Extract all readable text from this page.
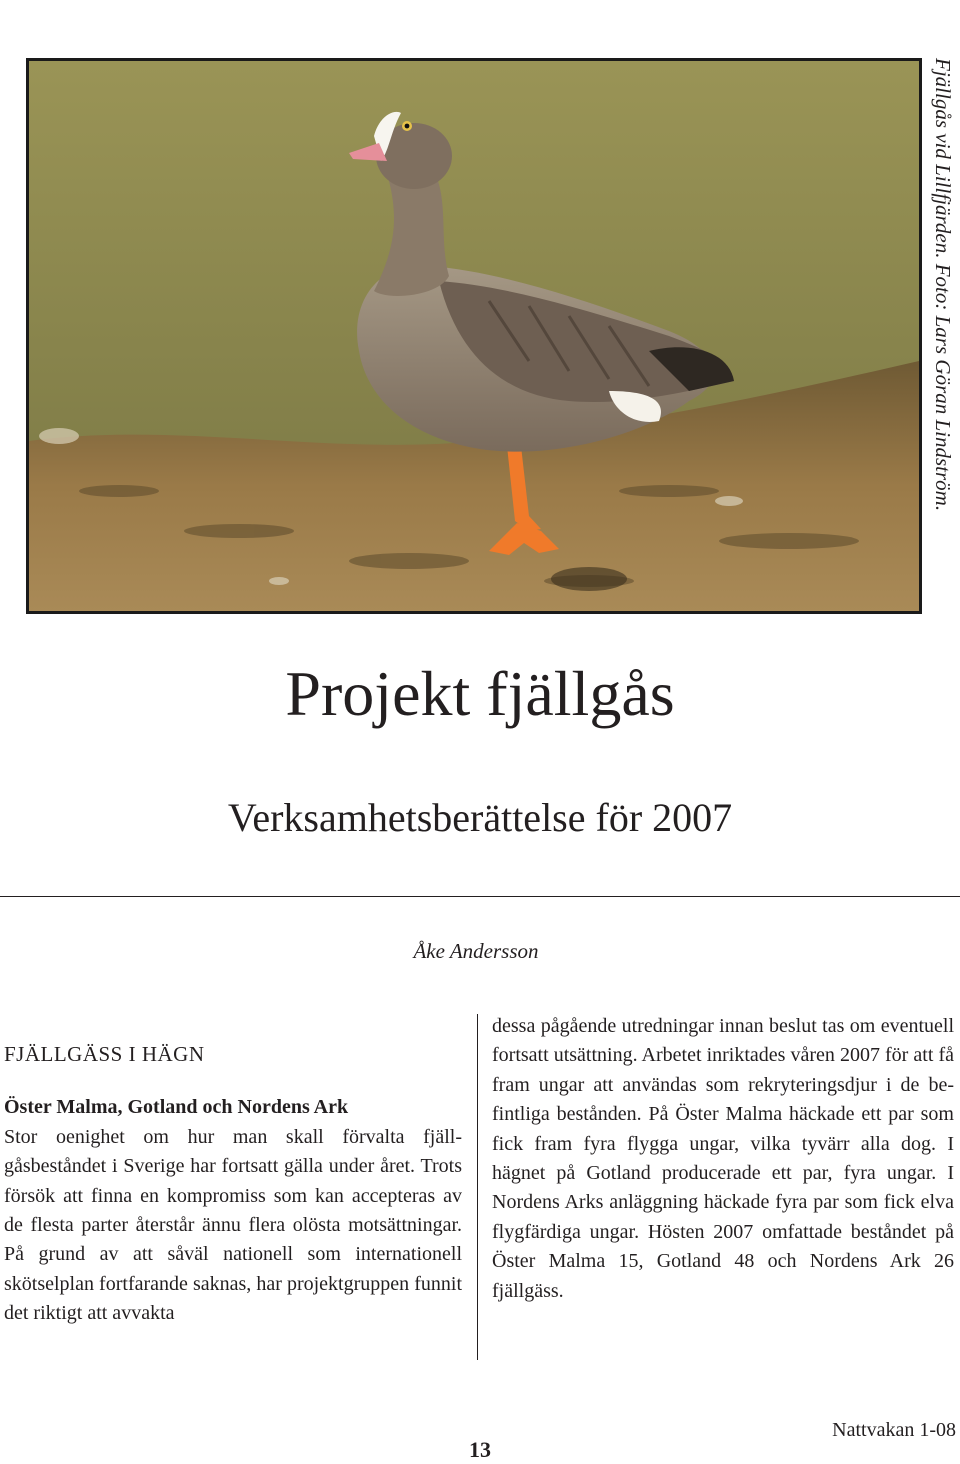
Fjällgås vid Lillfjärden. Foto: Lars Göran Lindström.
Projekt fjällgås
Verksamhetsberättelse för 2007
Åke Andersson
FJÄLLGÄSS I HÄGN

Öster Malma, Gotland och Nordens Ark
Stor oenighet om hur man skall förvalta fjällgåsbeståndet i Sverige har fortsatt gälla under året. Trots försök att finna en kompromiss som kan accepteras av de flesta parter återstår ännu flera olösta motsättningar. På grund av att såväl nationell som internationell skötselplan fortfarande saknas, har projektgruppen funnit det riktigt att avvakta

dessa pågående utredningar innan beslut tas om eventuell fortsatt utsättning. Arbetet inriktades våren 2007 för att få fram ungar att användas som rekryteringsdjur i de befintliga bestånden. På Öster Malma häckade ett par som fick fram fyra flygga ungar, vilka tyvärr alla dog. I hägnet på Gotland producerade ett par, fyra ungar. I Nordens Arks anläggning häckade fyra par som fick elva flygfärdiga ungar. Hösten 2007 omfattade beståndet på Öster Malma 15, Gotland 48 och Nordens Ark 26 fjällgäss.

13
Nattvakan 1-08
